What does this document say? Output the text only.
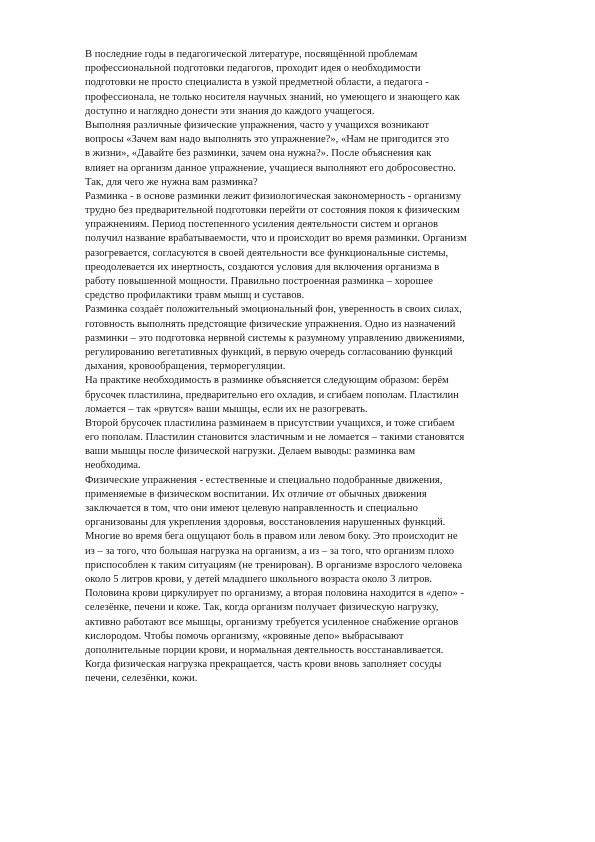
В последние годы в педагогической литературе, посвящённой проблемам
профессиональной подготовки педагогов, проходит идея о необходимости
подготовки не просто специалиста в узкой предметной области, а педагога -
профессионала, не только носителя научных знаний, но умеющего и знающего как
доступно и наглядно донести эти знания до каждого учащегося.
Выполняя различные физические упражнения, часто у учащихся возникают
вопросы «Зачем вам надо выполнять это упражнение?», «Нам не пригодится это
в жизни», «Давайте без разминки, зачем она нужна?». После объяснения как
влияет на организм данное упражнение, учащиеся выполняют его добросовестно.
Так, для чего же нужна вам разминка?
Разминка - в основе разминки лежит физиологическая закономерность - организму
трудно без предварительной подготовки перейти от состояния покоя к физическим
упражнениям. Период постепенного усиления деятельности систем и органов
получил название врабатываемости, что и происходит во время разминки. Организм
разогревается, согласуются в своей деятельности все функциональные системы,
преодолевается их инертность, создаются условия для включения организма в
работу повышенной мощности. Правильно построенная разминка – хорошее
средство профилактики травм мышц и суставов.
Разминка создаёт положительный эмоциональный фон, уверенность в своих силах,
готовность выполнять предстоящие физические упражнения. Одно из назначений
разминки – это подготовка нервной системы к разумному управлению движениями,
регулированию вегетативных функций, в первую очередь согласованию функций
дыхания, кровообращения, терморегуляции.
На практике необходимость в разминке объясняется следующим образом: берём
брусочек пластилина, предварительно его охладив, и сгибаем пополам. Пластилин
ломается – так «рвутся» ваши мышцы, если их не разогревать.
Второй брусочек пластилина разминаем в присутствии учащихся, и тоже сгибаем
его пополам. Пластилин становится эластичным и не ломается – такими становятся
ваши мышцы после физической нагрузки. Делаем выводы: разминка вам
необходима.
Физические упражнения - естественные и специально подобранные движения,
применяемые в физическом воспитании. Их отличие от обычных движения
заключается в том, что они имеют целевую направленность и специально
организованы для укрепления здоровья, восстановления нарушенных функций.
Многие во время бега ощущают боль в правом или левом боку. Это происходит не
из – за того, что большая нагрузка на организм, а из – за того, что организм плохо
приспособлен к таким ситуациям (не тренирован). В организме взрослого человека
около 5 литров крови, у детей младшего школьного возраста около 3 литров.
Половина крови циркулирует по организму, а вторая половина находится в «депо» -
селезёнке, печени и коже. Так, когда организм получает физическую нагрузку,
активно работают все мышцы, организму требуется усиленное снабжение органов
кислородом. Чтобы помочь организму, «кровяные депо» выбрасывают
дополнительные порции крови, и нормальная деятельность восстанавливается.
Когда физическая нагрузка прекращается, часть крови вновь заполняет сосуды
печени, селезёнки, кожи.
